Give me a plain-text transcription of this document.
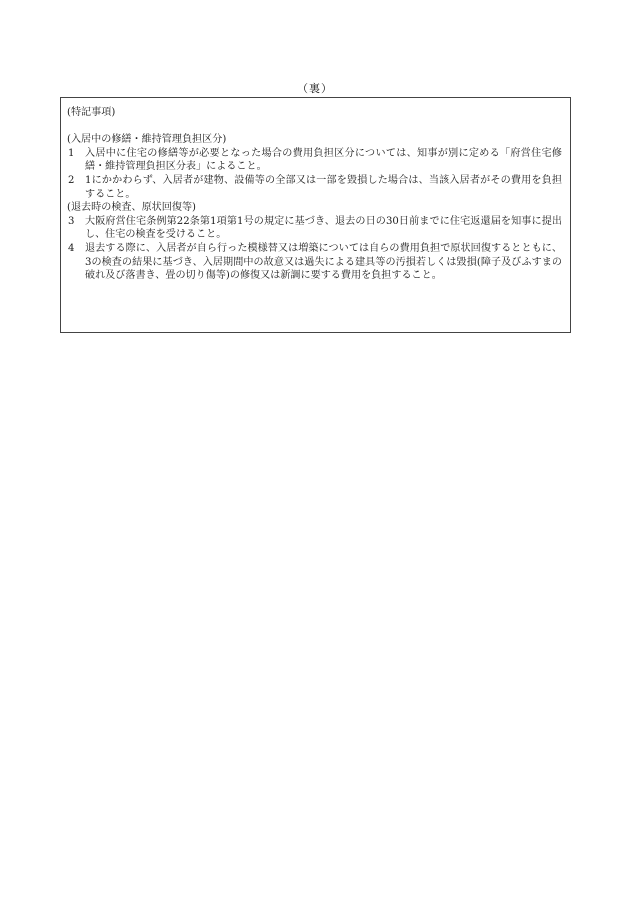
（裏）

(特記事項)

(入居中の修繕・維持管理負担区分)

1	入居中に住宅の修繕等が必要となった場合の費用負担区分については、知事が別に定める「府営住宅修繕・維持管理負担区分表」によること。
2	1にかかわらず、入居者が建物、設備等の全部又は一部を毀損した場合は、当該入居者がその費用を負担すること。

(退去時の検査、原状回復等)

3	大阪府営住宅条例第22条第1項第1号の規定に基づき、退去の日の30日前までに住宅返還届を知事に提出し、住宅の検査を受けること。
4	退去する際に、入居者が自ら行った模様替又は増築については自らの費用負担で原状回復するとともに、3の検査の結果に基づき、入居期間中の故意又は過失による建具等の汚損若しくは毀損(障子及びふすまの破れ及び落書き、畳の切り傷等)の修復又は新調に要する費用を負担すること。
